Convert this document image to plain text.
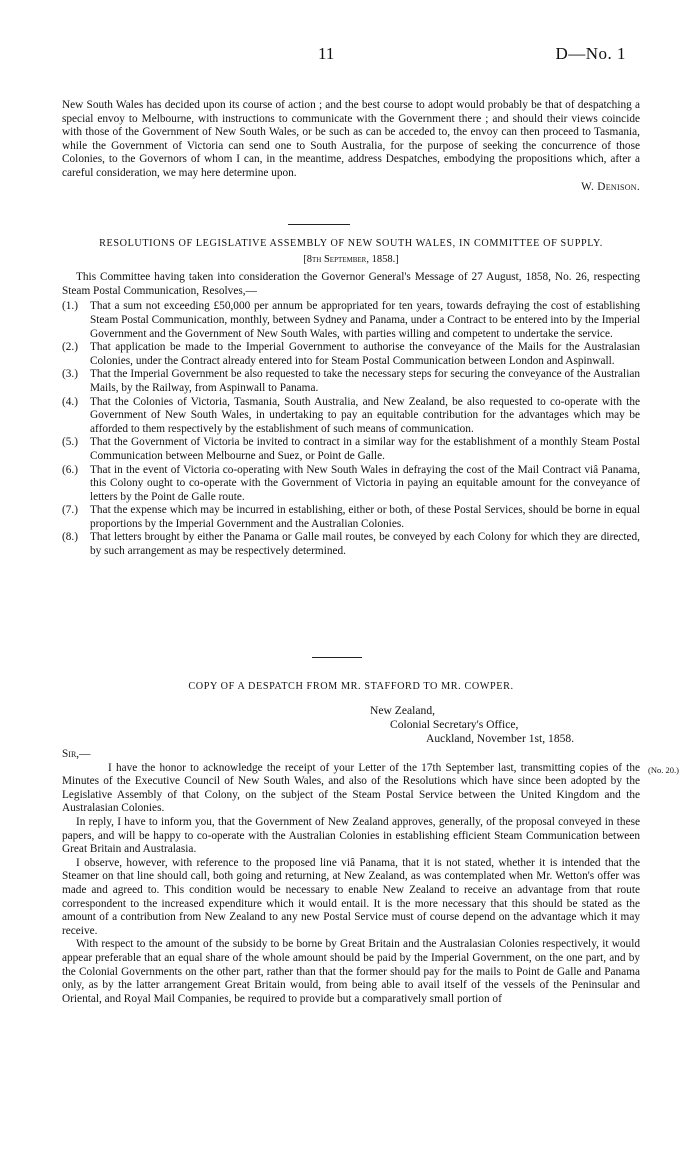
11	D—No. 1

New South Wales has decided upon its course of action ; and the best course to adopt would probably be that of despatching a special envoy to Melbourne, with instructions to communicate with the Government there ; and should their views coincide with those of the Government of New South Wales, or be such as can be acceded to, the envoy can then proceed to Tasmania, while the Government of Victoria can send one to South Australia, for the purpose of seeking the concurrence of those Colonies, to the Governors of whom I can, in the meantime, address Despatches, embodying the propositions which, after a careful consideration, we may here determine upon.

W. Denison.

RESOLUTIONS OF LEGISLATIVE ASSEMBLY OF NEW SOUTH WALES, IN COMMITTEE OF SUPPLY.

[8th September, 1858.]

This Committee having taken into consideration the Governor General's Message of 27 August, 1858, No. 26, respecting Steam Postal Communication, Resolves,—

(1.) That a sum not exceeding £50,000 per annum be appropriated for ten years, towards defraying the cost of establishing Steam Postal Communication, monthly, between Sydney and Panama, under a Contract to be entered into by the Imperial Government and the Government of New South Wales, with parties willing and competent to undertake the service.
(2.) That application be made to the Imperial Government to authorise the conveyance of the Mails for the Australasian Colonies, under the Contract already entered into for Steam Postal Communication between London and Aspinwall.
(3.) That the Imperial Government be also requested to take the necessary steps for securing the conveyance of the Australian Mails, by the Railway, from Aspinwall to Panama.
(4.) That the Colonies of Victoria, Tasmania, South Australia, and New Zealand, be also requested to co-operate with the Government of New South Wales, in undertaking to pay an equitable contribution for the advantages which may be afforded to them respectively by the establishment of such means of communication.
(5.) That the Government of Victoria be invited to contract in a similar way for the establishment of a monthly Steam Postal Communication between Melbourne and Suez, or Point de Galle.
(6.) That in the event of Victoria co-operating with New South Wales in defraying the cost of the Mail Contract viâ Panama, this Colony ought to co-operate with the Government of Victoria in paying an equitable amount for the conveyance of letters by the Point de Galle route.
(7.) That the expense which may be incurred in establishing, either or both, of these Postal Services, should be borne in equal proportions by the Imperial Government and the Australian Colonies.
(8.) That letters brought by either the Panama or Galle mail routes, be conveyed by each Colony for which they are directed, by such arrangement as may be respectively determined.

COPY OF A DESPATCH FROM MR. STAFFORD TO MR. COWPER.

New Zealand,
Colonial Secretary's Office,
Auckland, November 1st, 1858.

Sir,—

I have the honor to acknowledge the receipt of your Letter of the 17th September last, transmitting copies of the Minutes of the Executive Council of New South Wales, and also of the Resolutions which have since been adopted by the Legislative Assembly of that Colony, on the subject of the Steam Postal Service between the United Kingdom and the Australasian Colonies.

In reply, I have to inform you, that the Government of New Zealand approves, generally, of the proposal conveyed in these papers, and will be happy to co-operate with the Australian Colonies in establishing efficient Steam Communication between Great Britain and Australasia.

I observe, however, with reference to the proposed line viâ Panama, that it is not stated, whether it is intended that the Steamer on that line should call, both going and returning, at New Zealand, as was contemplated when Mr. Wetton's offer was made and agreed to. This condition would be necessary to enable New Zealand to receive an advantage from that route correspondent to the increased expenditure which it would entail. It is the more necessary that this should be stated as the amount of a contribution from New Zealand to any new Postal Service must of course depend on the advantage which it may receive.

With respect to the amount of the subsidy to be borne by Great Britain and the Australasian Colonies respectively, it would appear preferable that an equal share of the whole amount should be paid by the Imperial Government, on the one part, and by the Colonial Governments on the other part, rather than that the former should pay for the mails to Point de Galle and Panama only, as by the latter arrangement Great Britain would, from being able to avail itself of the vessels of the Peninsular and Oriental, and Royal Mail Companies, be required to provide but a comparatively small portion of

(No. 20.)
